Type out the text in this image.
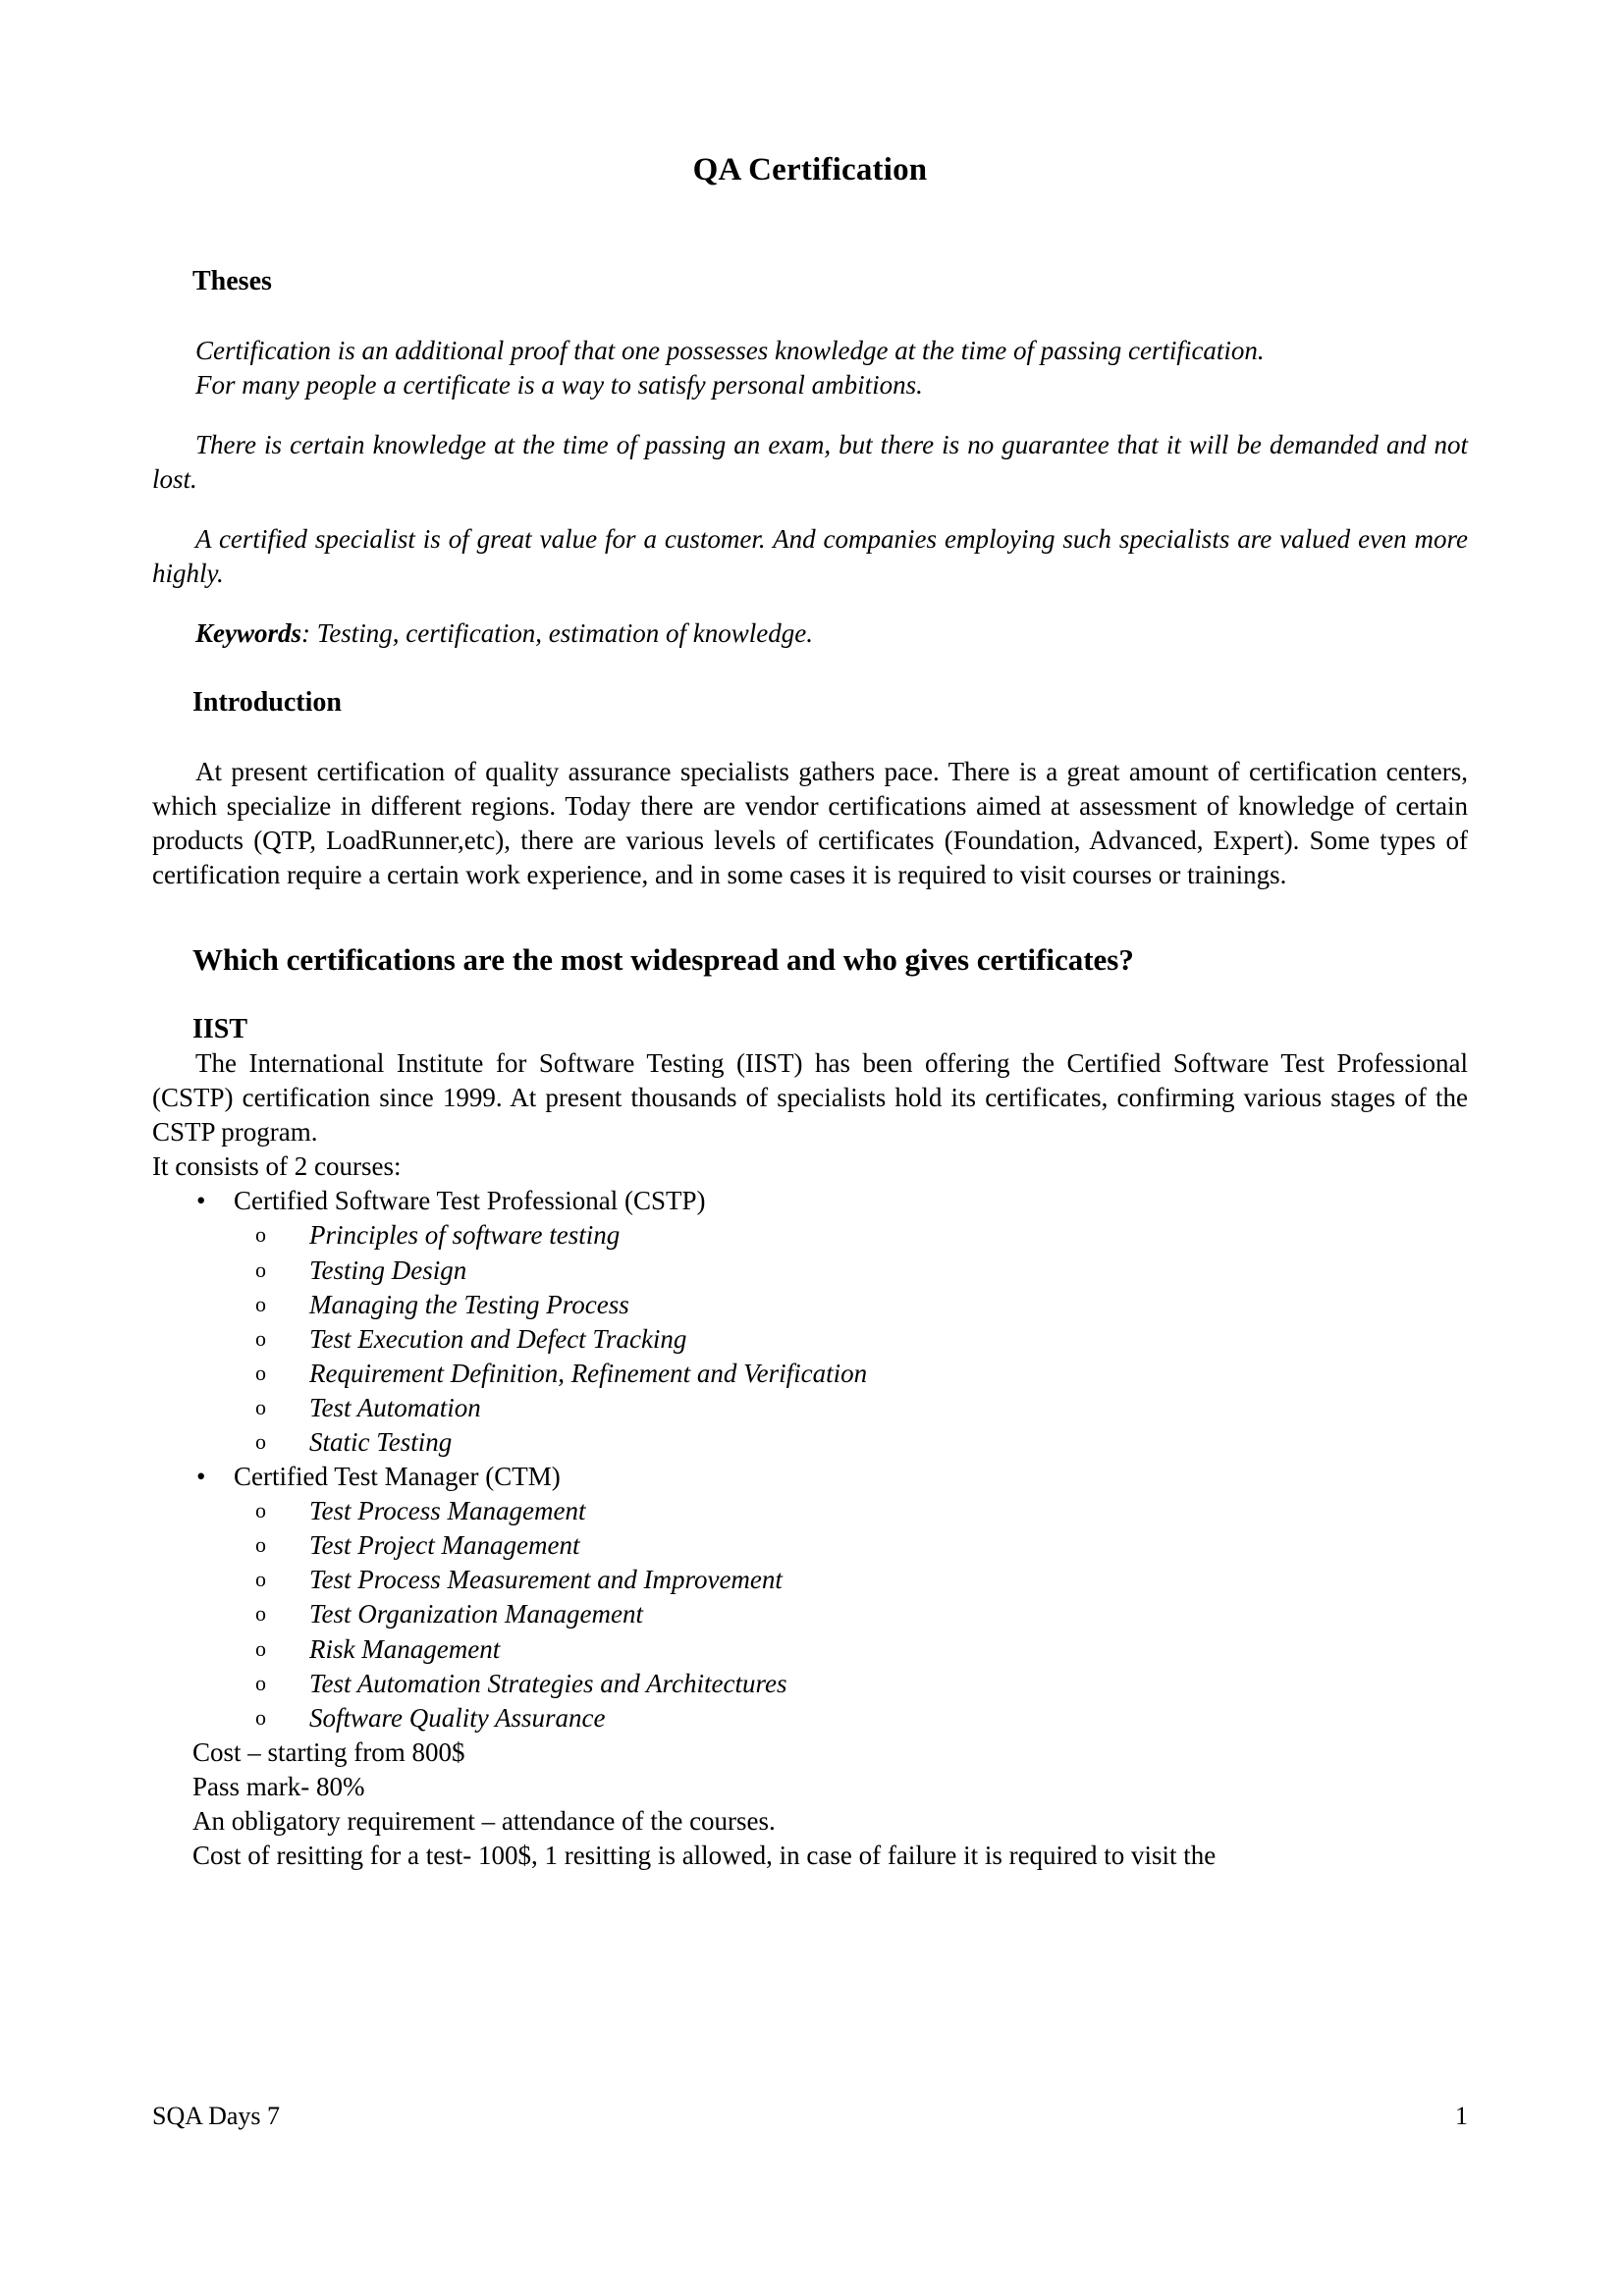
QA Certification
Theses

Certification is an additional proof that one possesses knowledge at the time of passing certification.

For many people a certificate is a way to satisfy personal ambitions.

There is certain knowledge at the time of passing an exam, but there is no guarantee that it will be demanded and not lost.

A certified specialist is of great value for a customer. And companies employing such specialists are valued even more highly.

Keywords: Testing, certification, estimation of knowledge.

Introduction

At present certification of quality assurance specialists gathers pace. There is a great amount of certification centers, which specialize in different regions. Today there are vendor certifications aimed at assessment of knowledge of certain products (QTP, LoadRunner,etc), there are various levels of certificates (Foundation, Advanced, Expert). Some types of certification require a certain work experience, and in some cases it is required to visit courses or trainings.

Which certifications are the most widespread and who gives certificates?
IIST

The International Institute for Software Testing (IIST) has been offering the Certified Software Test Professional (CSTP) certification since 1999. At present thousands of specialists hold its certificates, confirming various stages of the CSTP program.

It consists of 2 courses:

• Certified Software Test Professional (CSTP)
o Principles of software testing
o Testing Design
o Managing the Testing Process
o Test Execution and Defect Tracking
o Requirement Definition, Refinement and Verification
o Test Automation
o Static Testing
• Certified Test Manager (CTM)
o Test Process Management
o Test Project Management
o Test Process Measurement and Improvement
o Test Organization Management
o Risk Management
o Test Automation Strategies and Architectures
o Software Quality Assurance

Cost – starting from 800$

Pass mark- 80%

An obligatory requirement – attendance of the courses.

Cost of resitting for a test- 100$, 1 resitting is allowed, in case of failure it is required to visit the

SQA Days 7	1
